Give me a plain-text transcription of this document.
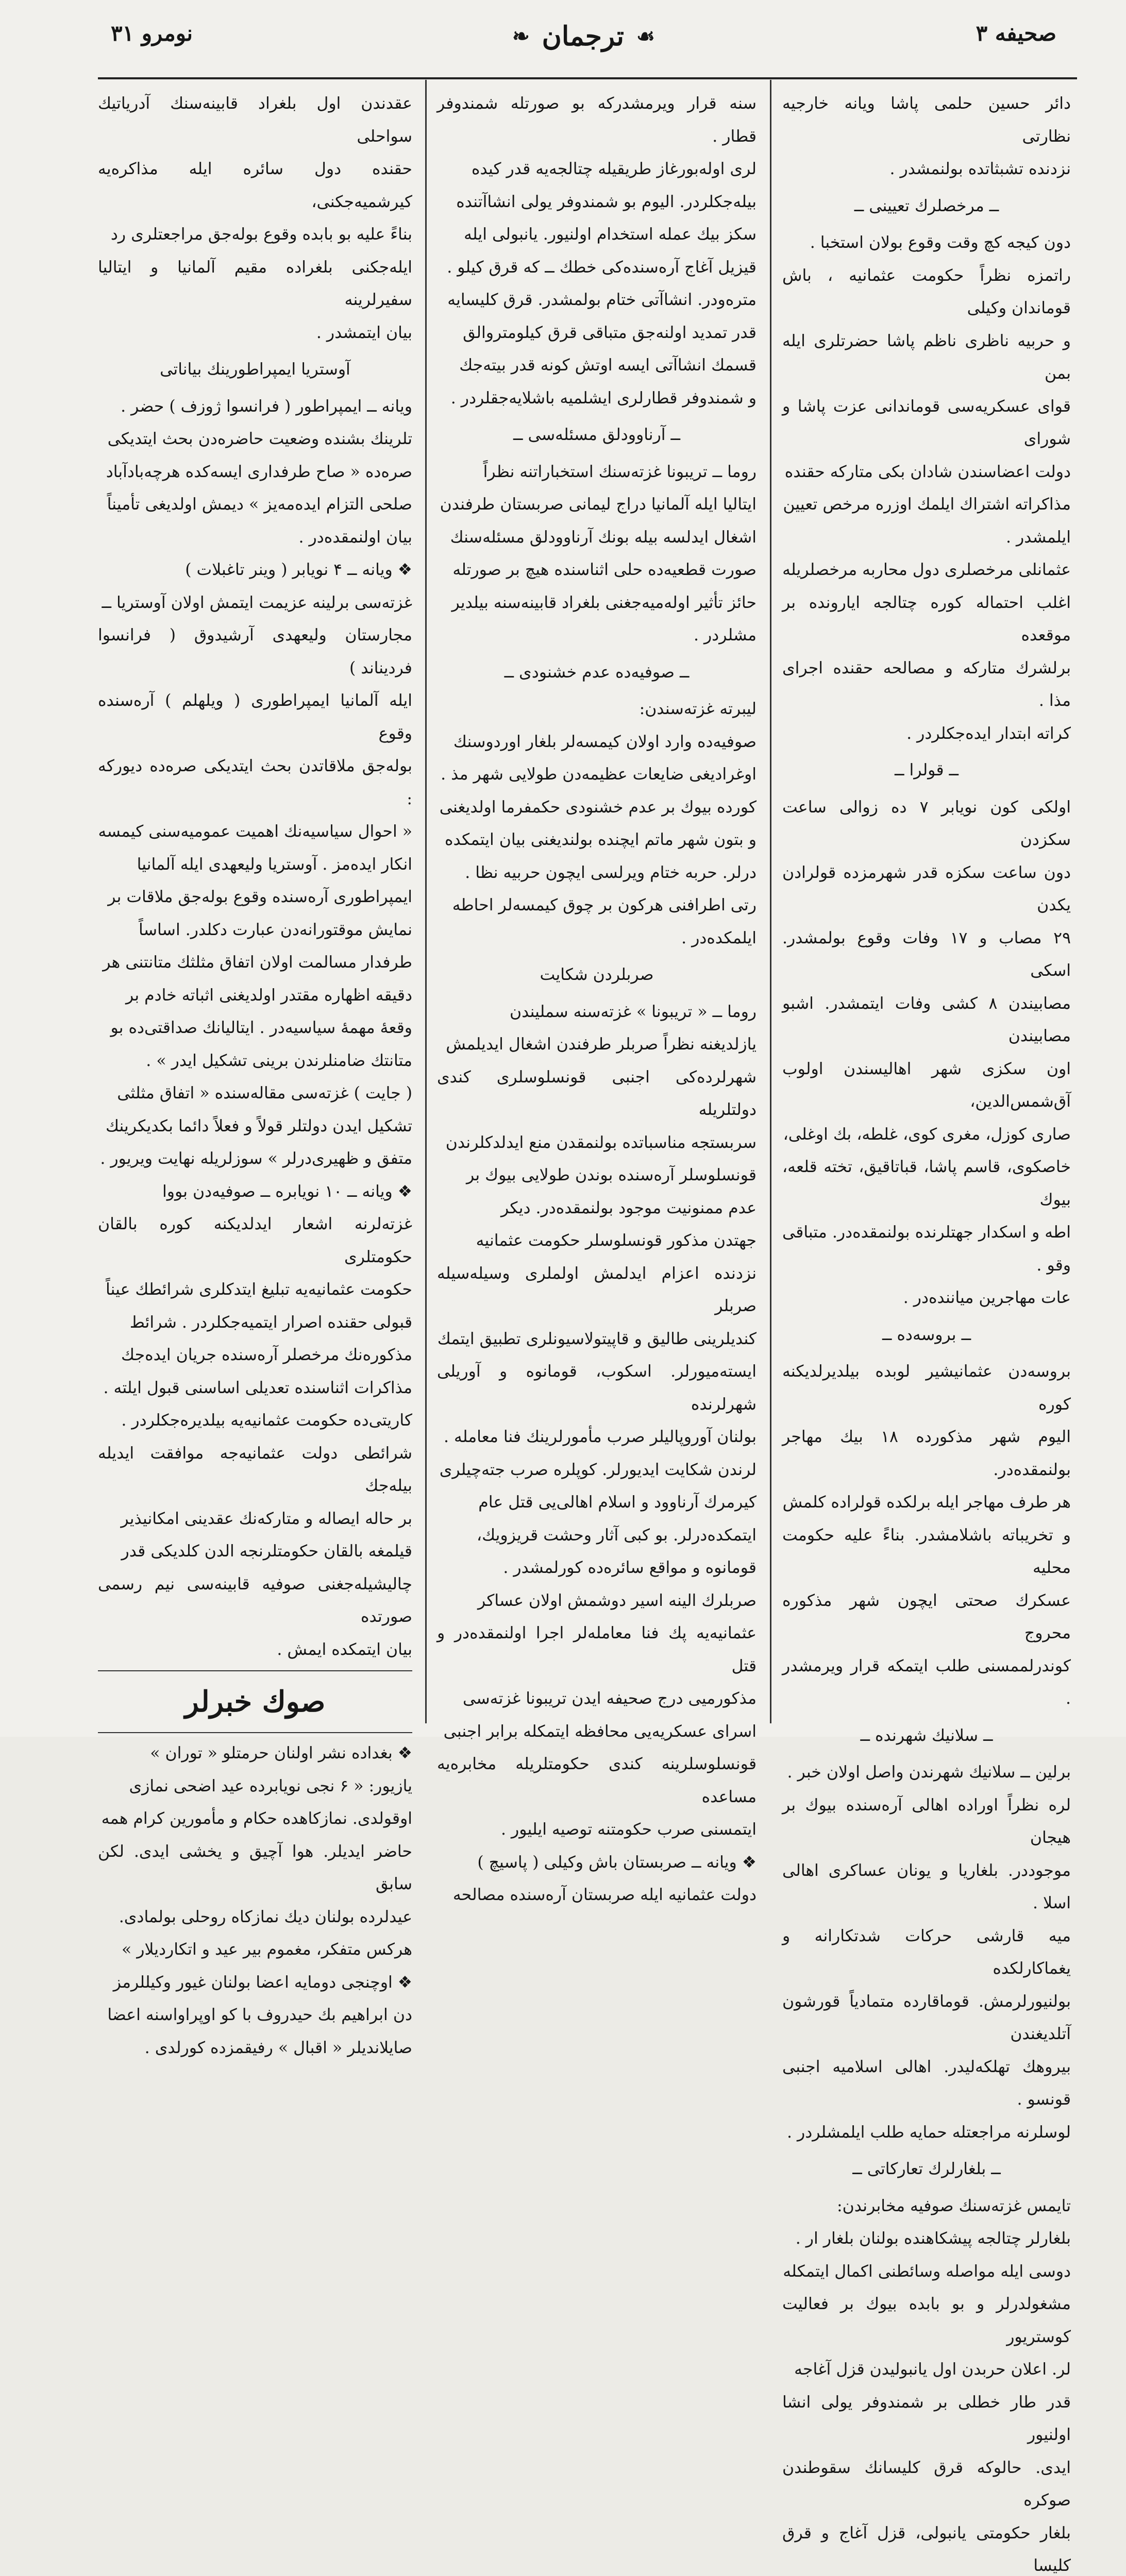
نومرو ۳۱	☙
ترجمان
❧	صحیفه ۳

دائر حسین حلمی پاشا ویانه خارجیه نظارتی

نزدنده تشبثاتده بولنمشدر .

ــ مرخصلرك تعیینی ــ

دون کیجه کچ وقت وقوع بولان استخبا .

راتمزه نظراً حکومت عثمانیه ، باش قوماندان وکیلی

و حربیه ناظری ناظم پاشا حضرتلری ایله بمن

قوای عسکریه‌سی قوماندانی عزت پاشا و شورای

دولت اعضاسندن شادان بکی متارکه حقنده

مذاکراته اشتراك ایلمك اوزره مرخص تعیین

ایلمشدر .

عثمانلی مرخصلری دول محاربه مرخصلریله

اغلب احتماله کوره چتالجه ایارونده بر موقعده

برلشرك متارکه و مصالحه حقنده اجرای مذا .

کراته ابتدار ایده‌جکلردر .

ــ قولرا ــ

اولکی کون نویابر ۷ ده زوالی ساعت سکزدن

دون ساعت سکزه قدر شهرمزده قولرادن یکدن

۲۹ مصاب و ۱۷ وفات وقوع بولمشدر. اسکی

مصابیندن ۸ کشی وفات ایتمشدر. اشبو مصابیندن

اون سکزی شهر اهالیسندن اولوب آق‌شمس‌الدین،

صاری کوزل، مغری کوی، غلطه، بك اوغلی،

خاصکوی، قاسم پاشا، قباتاقیق، تخته قلعه، بیوك

اطه و اسکدار جهتلرنده بولنمقده‌در. متباقی وقو .

عات مهاجرین میاننده‌در .

ــ بروسه‌ده ــ

بروسه‌دن عثمانیشیر لوبده بیلدیرلدیکنه کوره

الیوم شهر مذکورده ۱۸ بیك مهاجر بولنمقده‌در.

هر طرف مهاجر ایله برلکده قولراده کلمش

و تخریباته باشلامشدر. بناءً علیه حکومت محلیه

عسکرك صحتی ایچون شهر مذکوره محروج

کوندرلممسنی طلب ایتمکه قرار ویرمشدر .

ــ سلانیك شهرنده ــ

برلین ــ سلانیك شهرندن واصل اولان خبر .

لره نظراً اوراده اهالی آره‌سنده بیوك بر هیجان

موجوددر. بلغاریا و یونان عساکری اهالی اسلا .

میه قارشی حرکات شدتکارانه و یغماکارلکده

بولنیورلرمش. قوماقارده متمادیاً قورشون آتلدیغندن

بیروهك تهلکه‌لیدر. اهالی اسلامیه اجنبی قونسو .

لوسلرنه مراجعتله حمایه طلب ایلمشلردر .

ــ بلغارلرك تعارکاتی ــ

تایمس غزته‌سنك صوفیه مخابرندن:

بلغارلر چتالجه پیشکاهنده بولنان بلغار ار .

دوسی ایله مواصله وسائطنی اکمال ایتمکله

مشغولدرلر و بو بابده بیوك بر فعالیت کوستریور

لر. اعلان حربدن اول یانبولیدن قزل آغاجه

قدر طار خطلی بر شمندوفر یولی انشا اولنیور

ایدی. حالوکه قرق کلیسانك سقوطندن صوکره

بلغار حکومتی یانبولی، قزل آغاج و قرق کلیسا

سنه قرار ویرمشدرکه بو صورتله شمندوفر قطار .

لری اوله‌بورغاز طریقیله چتالجه‌یه قدر کیده

بیله‌جکلردر. الیوم بو شمندوفر یولی انشاآتنده

سکز بیك عمله استخدام اولنیور. یانبولی ایله

قیزیل آغاج آره‌سنده‌کی خطك ــ که قرق کیلو .

متره‌ودر. انشاآتی ختام بولمشدر. قرق کلیسایه

قدر تمدید اولنه‌جق متباقی قرق کیلومتروالق

قسمك انشاآتی ایسه اوتش کونه قدر بیته‌جك

و شمندوفر قطارلری ایشلمیه باشلایه‌جقلردر .

ــ آرناوودلق مسئله‌سی ــ

روما ــ تریبونا غزته‌سنك استخباراتنه نظراً

ایتالیا ایله آلمانیا دراج لیمانی صربستان طرفندن

اشغال ایدلسه بیله بونك آرناوودلق مسئله‌سنك

صورت قطعیه‌ده حلی اثناسنده هیچ بر صورتله

حائز تأثیر اوله‌میه‌جغنی بلغراد قابینه‌سنه بیلدیر

مشلردر .

ــ صوفیه‌ده عدم خشنودی ــ

لیبرته غزته‌سندن:

صوفیه‌ده وارد اولان کیمسه‌لر بلغار اوردوسنك

اوغرادیغی ضایعات عظیمه‌دن طولایی شهر مذ .

کورده بیوك بر عدم خشنودی حکمفرما اولدیغنی

و بتون شهر ماتم ایچنده بولندیغنی بیان ایتمکده

درلر. حربه ختام ویرلسی ایچون حربیه نظا .

رتی اطرافنی هرکون بر چوق کیمسه‌لر احاطه

ایلمکده‌در .

صربلردن شکایت

روما ــ « تریبونا » غزته‌سنه سملیندن

یازلدیغنه نظراً صربلر طرفندن اشغال ایدیلمش

شهرلرده‌کی اجنبی قونسلوسلری کندی دولتلریله

سربستجه مناسباتده بولنمقدن منع ایدلدکلرندن

قونسلوسلر آره‌سنده بوندن طولایی بیوك بر

عدم ممنونیت موجود بولنمقده‌در. دیکر

جهتدن مذکور قونسلوسلر حکومت عثمانیه

نزدنده اعزام ایدلمش اولملری وسیله‌سیله صربلر

کندیلرینی طالیق و قاپیتولاسیونلری تطبیق ایتمك

ایسته‌میورلر. اسکوب، قومانوه و آوریلی شهرلرنده

بولنان آوروپالیلر صرب مأمورلرینك فنا معامله .

لرندن شکایت ایدیورلر. کوپلره صرب جته‌چیلری

کیرمرك آرناوود و اسلام اهالی‌یی قتل عام

ایتمکده‌درلر. بو کبی آثار وحشت قریزویك،

قومانوه و مواقع سائره‌ده کورلمشدر .

صربلرك الینه اسیر دوشمش اولان عساکر

عثمانیه‌یه پك فنا معامله‌لر اجرا اولنمقده‌در و قتل

مذکورمیی درج صحیفه ایدن تریبونا غزته‌سی

اسرای عسکریه‌یی محافظه ایتمکله برابر اجنبی

قونسلوسلرینه کندی حکومتلریله مخابره‌یه مساعده

ایتمسنی صرب حکومتنه توصیه ایلیور .

❖ ویانه ــ صربستان باش وکیلی ( پاسیچ )

دولت عثمانیه ایله صربستان آره‌سنده مصالحه

عقدندن اول بلغراد قابینه‌سنك آدریاتیك سواحلی

حقنده دول سائره ایله مذاکره‌یه کیرشمیه‌جکنی،

بناءً علیه بو بابده وقوع بوله‌جق مراجعتلری رد

ایله‌جکنی بلغراده مقیم آلمانیا و ایتالیا سفیرلرینه

بیان ایتمشدر .

آوستریا ایمپراطورینك بیاناتی

ویانه ــ ایمپراطور ( فرانسوا ژوزف ) حضر .

تلرینك بشنده وضعیت حاضره‌دن بحث ایتدیکی

صره‌ده « صاح طرفداری ایسه‌کده هرچه‌باد‌آباد

صلحی التزام ایده‌مه‌یز » دیمش اولدیغی تأمیناً

بیان اولنمقده‌در .

❖ ویانه ــ ۴ نویابر ( وینر تاغبلات )

غزته‌سی برلینه عزیمت ایتمش اولان آوستریا ــ

مجارستان ولیعهدی آرشیدوق ( فرانسوا فردیناند )

ایله آلمانیا ایمپراطوری ( ویلهلم ) آره‌سنده وقوع

بوله‌جق ملاقاتدن بحث ایتدیکی صره‌ده دیورکه :

« احوال سیاسیه‌نك اهمیت عمومیه‌سنی کیمسه

انکار ایده‌مز . آوستریا ولیعهدی ایله آلمانیا

ایمپراطوری آره‌سنده وقوع بوله‌جق ملاقات بر

نمایش موقتورانه‌دن عبارت دکلدر. اساساً

طرفدار مسالمت اولان اتفاق مثلثك متانتنی هر

دقیقه اظهاره مقتدر اولدیغنی اثباته خادم بر

وقعهٔ مهمهٔ سیاسیه‌در . ایتالیانك صداقتی‌ده بو

متانتك ضامنلرندن برینی تشکیل ایدر » .

( جایت ) غزته‌سی مقاله‌سنده « اتفاق مثلثی

تشکیل ایدن دولتلر قولاً و فعلاً دائما بکدیکرینك

متفق و ظهیری‌درلر » سوزلریله نهایت ویریور .

❖ ویانه ــ ۱۰ نویابره ــ صوفیه‌دن بووا

غزته‌لرنه اشعار ایدلدیکنه کوره بالقان حکومتلری

حکومت عثمانیه‌یه تبلیغ ایتدکلری شرائطك عیناً

قبولی حقنده اصرار ایتمیه‌جکلردر . شرائط

مذکوره‌نك مرخصلر آره‌سنده جریان ایده‌جك

مذاکرات اثناسنده تعدیلی اساسنی قبول ایلته .

کاریتی‌ده حکومت عثمانیه‌یه بیلدیره‌جکلردر .

شرائطی دولت عثمانیه‌جه موافقت ایدیله بیله‌جك

بر حاله ایصاله و متارکه‌نك عقدینی امکانیذیر

قیلمغه بالقان حکومتلرنجه الدن کلدیکی قدر

چالیشیله‌جغنی صوفیه قابینه‌سی نیم رسمی صورتده

بیان ایتمکده ایمش .

صوك خبرلر

❖ بغداده نشر اولنان حرمتلو « توران »

یازیور: « ۶ نجی نویابرده عید اضحی نمازی

اوقولدی. نمازکاهده حکام و مأمورین کرام همه

حاضر ایدیلر. هوا آچیق و یخشی ایدی. لکن سابق

عیدلرده بولنان دیك نمازکاه روحلی بولمادی.

هرکس متفکر، مغموم بیر عید و اتکاردیلار »

❖ اوچنجی دومایه اعضا بولنان غیور وکیللرمز

دن ابراهیم بك حیدروف با کو اوپراواسنه اعضا

صایلاندیلر « اقبال » رفیقمزده کورلدی .
